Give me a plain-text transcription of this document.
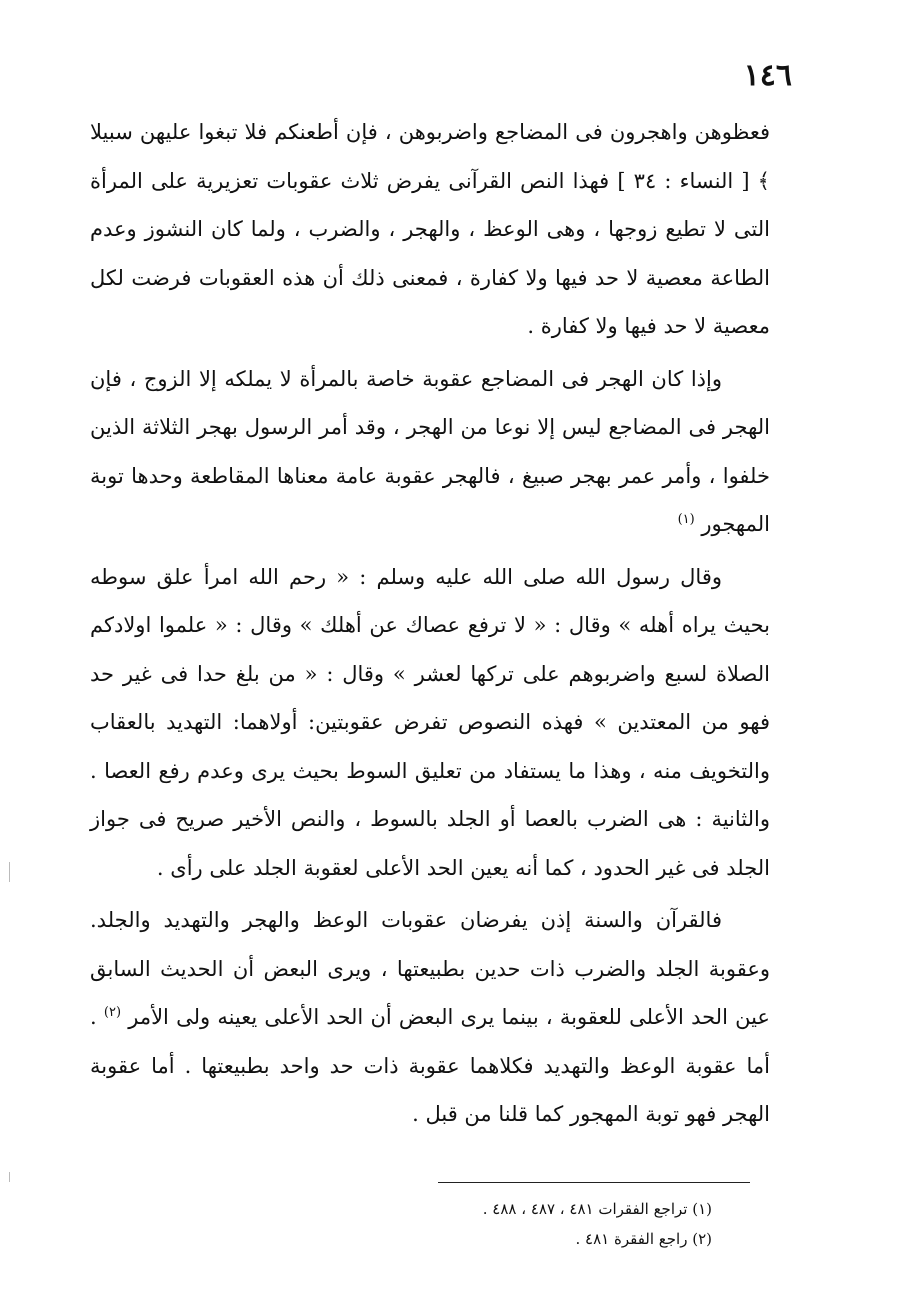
١٤٦

فعظوهن واهجرون فى المضاجع واضربوهن ، فإن أطعنكم فلا تبغوا عليهن سبيلا ﴾ [ النساء : ٣٤ ] فهذا النص القرآنى يفرض ثلاث عقوبات تعزيرية على المرأة التى لا تطيع زوجها ، وهى الوعظ ، والهجر ، والضرب ، ولما كان النشوز وعدم الطاعة معصية لا حد فيها ولا كفارة ، فمعنى ذلك أن هذه العقوبات فرضت لكل معصية لا حد فيها ولا كفارة .

وإذا كان الهجر فى المضاجع عقوبة خاصة بالمرأة لا يملكه إلا الزوج ، فإن الهجر فى المضاجع ليس إلا نوعا من الهجر ، وقد أمر الرسول بهجر الثلاثة الذين خلفوا ، وأمر عمر بهجر صبيغ ، فالهجر عقوبة عامة معناها المقاطعة وحدها توبة المهجور $^{(١)}$

وقال رسول الله صلى الله عليه وسلم : « رحم الله امرأ علق سوطه بحيث يراه أهله » وقال : « لا ترفع عصاك عن أهلك » وقال : « علموا اولادكم الصلاة لسبع واضربوهم على تركها لعشر » وقال : « من بلغ حدا فى غير حد فهو من المعتدين » فهذه النصوص تفرض عقوبتين: أولاهما: التهديد بالعقاب والتخويف منه ، وهذا ما يستفاد من تعليق السوط بحيث يرى وعدم رفع العصا . والثانية : هى الضرب بالعصا أو الجلد بالسوط ، والنص الأخير صريح فى جواز الجلد فى غير الحدود ، كما أنه يعين الحد الأعلى لعقوبة الجلد على رأى .

فالقرآن والسنة إذن يفرضان عقوبات الوعظ والهجر والتهديد والجلد. وعقوبة الجلد والضرب ذات حدين بطبيعتها ، ويرى البعض أن الحديث السابق عين الحد الأعلى للعقوبة ، بينما يرى البعض أن الحد الأعلى يعينه ولى الأمر $^{(٢)}$ . أما عقوبة الوعظ والتهديد فكلاهما عقوبة ذات حد واحد بطبيعتها . أما عقوبة الهجر فهو توبة المهجور كما قلنا من قبل .

(١) تراجع الفقرات ٤٨١ ، ٤٨٧ ، ٤٨٨ .

(٢) راجع الفقرة ٤٨١ .
